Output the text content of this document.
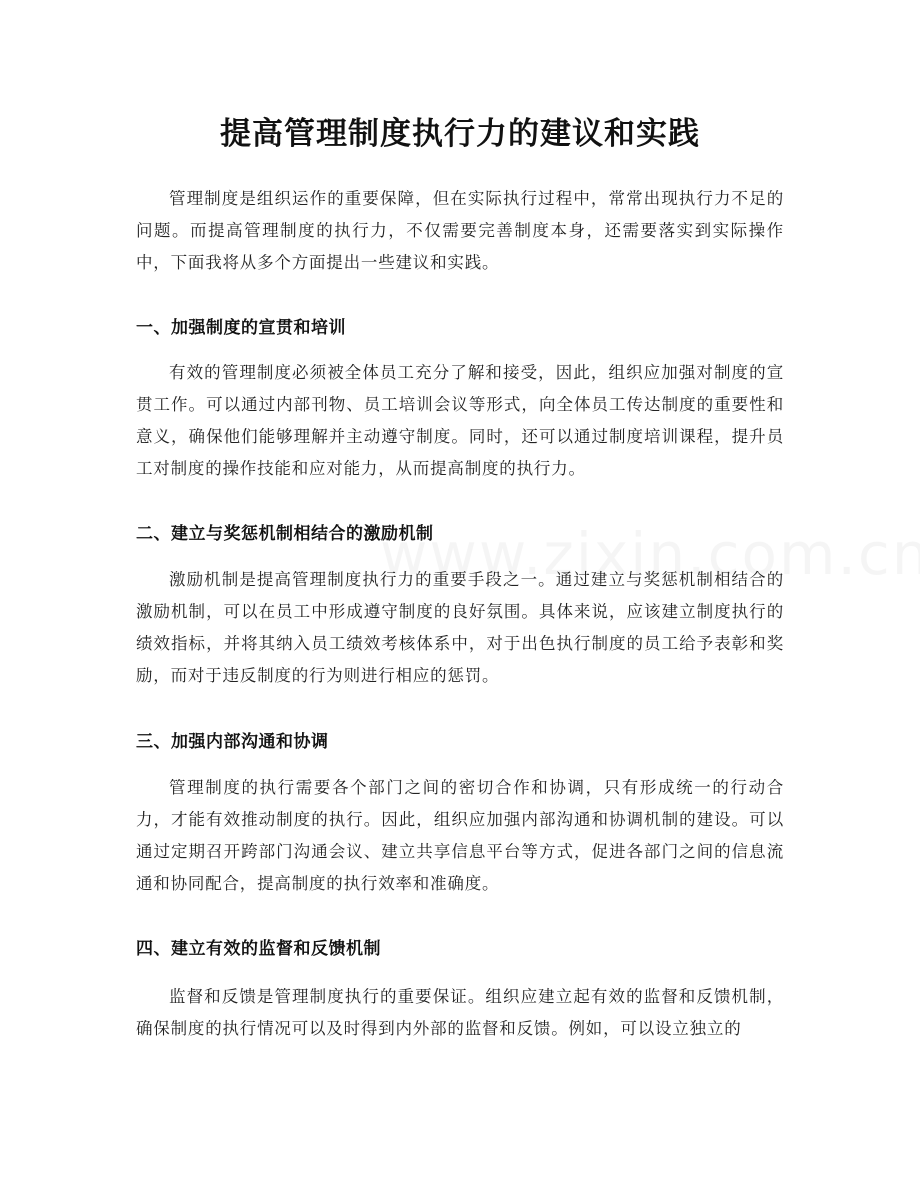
提高管理制度执行力的建议和实践

管理制度是组织运作的重要保障，但在实际执行过程中，常常出现执行力不足的问题。而提高管理制度的执行力，不仅需要完善制度本身，还需要落实到实际操作中，下面我将从多个方面提出一些建议和实践。

一、加强制度的宣贯和培训

有效的管理制度必须被全体员工充分了解和接受，因此，组织应加强对制度的宣贯工作。可以通过内部刊物、员工培训会议等形式，向全体员工传达制度的重要性和意义，确保他们能够理解并主动遵守制度。同时，还可以通过制度培训课程，提升员工对制度的操作技能和应对能力，从而提高制度的执行力。

二、建立与奖惩机制相结合的激励机制

激励机制是提高管理制度执行力的重要手段之一。通过建立与奖惩机制相结合的激励机制，可以在员工中形成遵守制度的良好氛围。具体来说，应该建立制度执行的绩效指标，并将其纳入员工绩效考核体系中，对于出色执行制度的员工给予表彰和奖励，而对于违反制度的行为则进行相应的惩罚。

三、加强内部沟通和协调

管理制度的执行需要各个部门之间的密切合作和协调，只有形成统一的行动合力，才能有效推动制度的执行。因此，组织应加强内部沟通和协调机制的建设。可以通过定期召开跨部门沟通会议、建立共享信息平台等方式，促进各部门之间的信息流通和协同配合，提高制度的执行效率和准确度。

四、建立有效的监督和反馈机制

监督和反馈是管理制度执行的重要保证。组织应建立起有效的监督和反馈机制，确保制度的执行情况可以及时得到内外部的监督和反馈。例如，可以设立独立的
